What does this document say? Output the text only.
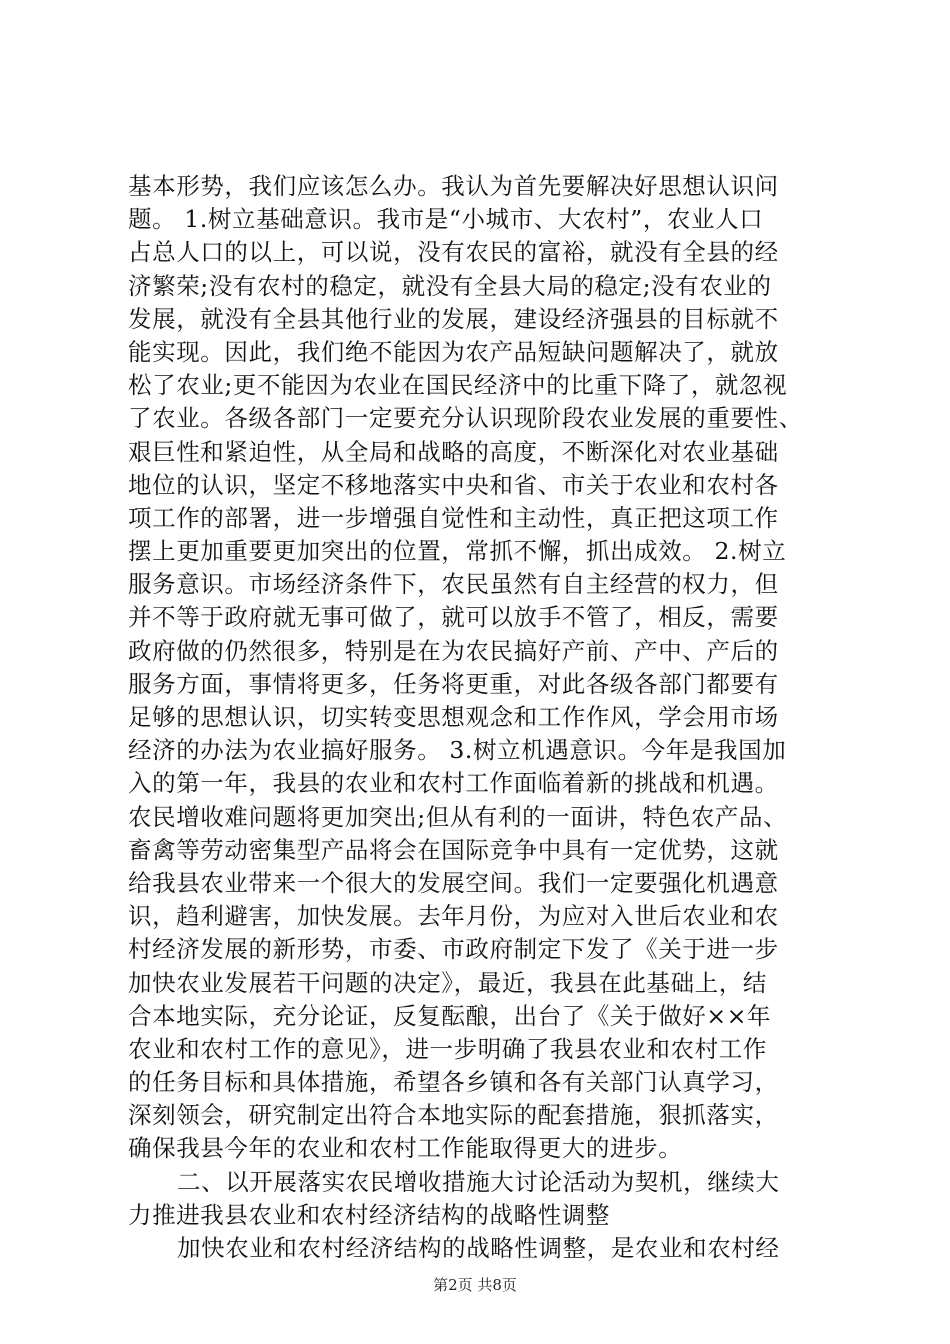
基本形势，我们应该怎么办。我认为首先要解决好思想认识问
题。 1.树立基础意识。我市是“小城市、大农村”，农业人口
占总人口的以上，可以说，没有农民的富裕，就没有全县的经
济繁荣;没有农村的稳定，就没有全县大局的稳定;没有农业的
发展，就没有全县其他行业的发展，建设经济强县的目标就不
能实现。因此，我们绝不能因为农产品短缺问题解决了，就放
松了农业;更不能因为农业在国民经济中的比重下降了，就忽视
了农业。各级各部门一定要充分认识现阶段农业发展的重要性、
艰巨性和紧迫性，从全局和战略的高度，不断深化对农业基础
地位的认识，坚定不移地落实中央和省、市关于农业和农村各
项工作的部署，进一步增强自觉性和主动性，真正把这项工作
摆上更加重要更加突出的位置，常抓不懈，抓出成效。 2.树立
服务意识。市场经济条件下，农民虽然有自主经营的权力，但
并不等于政府就无事可做了，就可以放手不管了，相反，需要
政府做的仍然很多，特别是在为农民搞好产前、产中、产后的
服务方面，事情将更多，任务将更重，对此各级各部门都要有
足够的思想认识，切实转变思想观念和工作作风，学会用市场
经济的办法为农业搞好服务。 3.树立机遇意识。今年是我国加
入的第一年，我县的农业和农村工作面临着新的挑战和机遇。
农民增收难问题将更加突出;但从有利的一面讲，特色农产品、
畜禽等劳动密集型产品将会在国际竞争中具有一定优势，这就
给我县农业带来一个很大的发展空间。我们一定要强化机遇意
识，趋利避害，加快发展。去年月份，为应对入世后农业和农
村经济发展的新形势，市委、市政府制定下发了《关于进一步
加快农业发展若干问题的决定》，最近，我县在此基础上，结
合本地实际，充分论证，反复酝酿，出台了《关于做好××年
农业和农村工作的意见》，进一步明确了我县农业和农村工作
的任务目标和具体措施，希望各乡镇和各有关部门认真学习，
深刻领会，研究制定出符合本地实际的配套措施，狠抓落实，
确保我县今年的农业和农村工作能取得更大的进步。
二、以开展落实农民增收措施大讨论活动为契机，继续大
力推进我县农业和农村经济结构的战略性调整
加快农业和农村经济结构的战略性调整，是农业和农村经
第2页 共8页
